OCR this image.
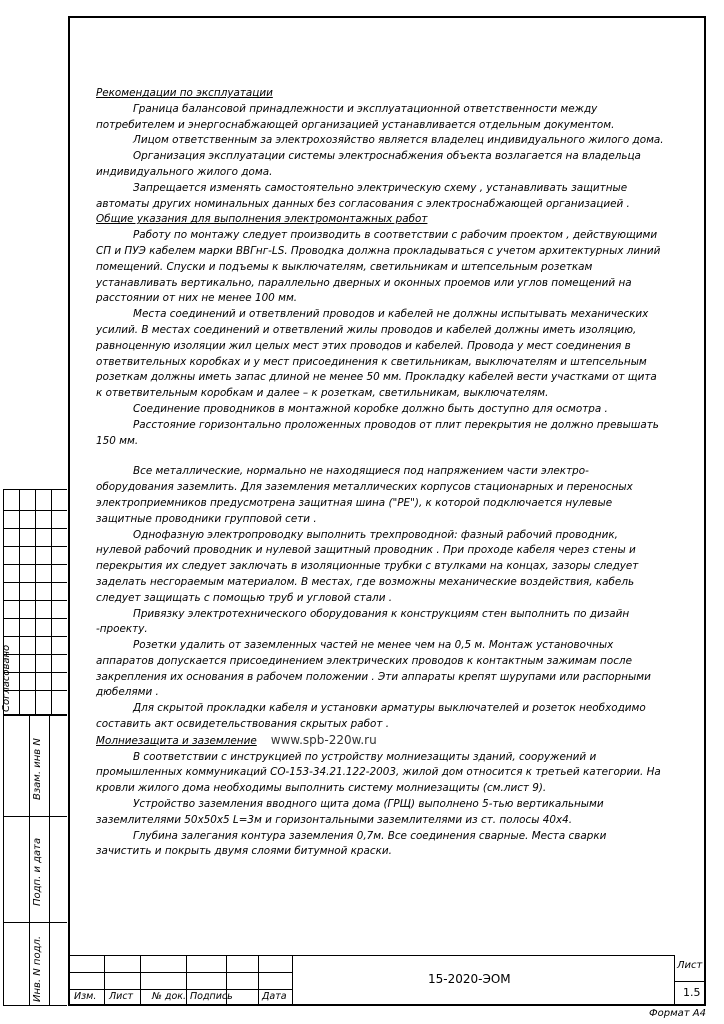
Согласовано
Взам. инв N
Подп. и дата
Инв. N подл.

Рекомендации по эксплуатации

Граница балансовой принадлежности и эксплуатационной ответственности между потребителем и энергоснабжающей организацией устанавливается отдельным документом.

Лицом ответственным за электрохозяйство является владелец индивидуального жилого дома.

Организация эксплуатации системы электроснабжения объекта возлагается на владельца индивидуального жилого дома.

Запрещается изменять самостоятельно электрическую схему , устанавливать защитные автоматы других номинальных данных без согласования с электроснабжающей организацией .

Общие указания для выполнения электромонтажных работ

Работу по монтажу следует производить в соответствии с рабочим проектом , действующими СП и ПУЭ кабелем марки ВВГнг-LS. Проводка должна прокладываться с учетом архитектурных линий помещений. Спуски и подъемы к выключателям, светильникам и штепсельным розеткам устанавливать вертикально, параллельно дверных и оконных проемов или углов помещений на расстоянии от них не менее 100 мм.

Места соединений и ответвлений проводов и кабелей не должны испытывать механических усилий. В местах соединений и ответвлений жилы проводов и кабелей должны иметь изоляцию, равноценную изоляции жил целых мест этих проводов и кабелей. Провода у мест соединения в ответвительных коробках и у мест присоединения к светильникам, выключателям и штепсельным розеткам должны иметь запас длиной не менее 50 мм. Прокладку кабелей вести участками от щита к ответвительным коробкам и далее – к розеткам, светильникам, выключателям.

Соединение проводников в монтажной коробке должно быть доступно для осмотра .

Расстояние горизонтально проложенных проводов от плит перекрытия не должно превышать 150 мм.

Все металлические, нормально не находящиеся под напряжением части электро-оборудования заземлить. Для заземления металлических корпусов стационарных и переносных электроприемников предусмотрена защитная шина ("PE"), к которой подключается нулевые защитные проводники групповой сети .

Однофазную электропроводку выполнить трехпроводной: фазный рабочий проводник, нулевой рабочий проводник и нулевой защитный проводник . При проходе кабеля через стены и перекрытия их следует заключать в изоляционные трубки с втулками на концах, зазоры следует заделать несгораемым материалом. В местах, где возможны механические воздействия, кабель следует защищать с помощью труб и угловой стали .

Привязку электротехнического оборудования к конструкциям стен выполнить по дизайн -проекту.

Розетки удалить от заземленных частей не менее чем на 0,5 м. Монтаж установочных аппаратов допускается присоединением электрических проводов к контактным зажимам после закрепления их основания в рабочем положении . Эти аппараты крепят шурупами или распорными дюбелями .

Для скрытой прокладки кабеля и установки арматуры выключателей и розеток необходимо составить акт освидетельствования скрытых работ .

Молниезащита и заземление www.spb-220w.ru

В соответствии с инструкцией по устройству молниезащиты зданий, сооружений и промышленных коммуникаций СО-153-34.21.122-2003, жилой дом относится к третьей категории. На кровли жилого дома необходимы выполнить систему молниезащиты (см.лист 9).

Устройство заземления вводного щита дома (ГРЩ) выполнено 5-тью вертикальными заземлителями 50х50х5 L=3м и горизонтальными заземлителями из ст. полосы 40х4.

Глубина залегания контура заземления 0,7м. Все соединения сварные. Места сварки зачистить и покрыть двумя слоями битумной краски.

Изм. Лист № док. Подпись	Дата
15-2020-ЭОМ
Лист
1.5
Формат А4
